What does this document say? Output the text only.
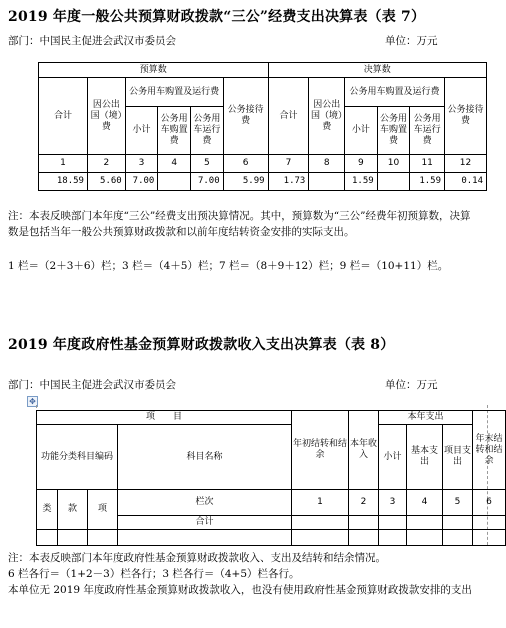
2019 年度一般公共预算财政拨款“三公”经费支出决算表（表 7）
部门：中国民主促进会武汉市委员会	单位：万元
预算数						决算数					
合计	因公出国（境）费	公务用车购置及运行费			公务接待费	合计	因公出国（境）费	公务用车购置及运行费			公务接待费
		小计	公务用车购置费	公务用车运行费				小计	公务用车购置费	公务用车运行费	
1	2	3	4	5	6	7	8	9	10	11	12
18.59	5.60	7.00		7.00	5.99	1.73		1.59		1.59	0.14
注：本表反映部门本年度“三公”经费支出预决算情况。其中，预算数为“三公”经费年初预算数，决算数是包括当年一般公共预算财政拨款和以前年度结转资金安排的实际支出。
1 栏＝（2＋3＋6）栏；3 栏＝（4＋5）栏；7 栏＝（8＋9＋12）栏；9 栏＝（10+11）栏。
2019 年度政府性基金预算财政拨款收入支出决算表（表 8）
部门：中国民主促进会武汉市委员会	单位：万元
✥
项　　目				年初结转和结余	本年收入	本年支出			年末结转和结余
功能分类科目编码			科目名称			小计	基本支出	项目支出	

类	款	项	栏次	1	2	3	4	5	6
			合计						

注：本表反映部门本年度政府性基金预算财政拨款收入、支出及结转和结余情况。
6 栏各行＝（1+2－3）栏各行；3 栏各行＝（4+5）栏各行。
本单位无 2019 年度政府性基金预算财政拨款收入，也没有使用政府性基金预算财政拨款安排的支出
